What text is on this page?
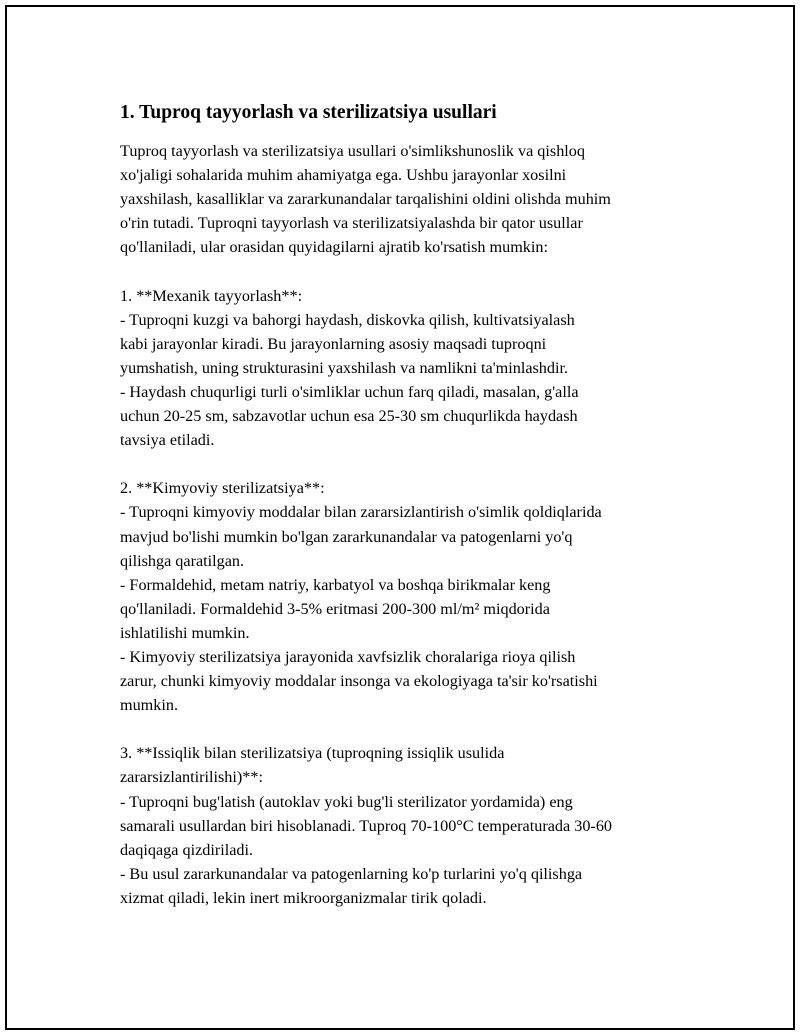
1. Tuproq tayyorlash va sterilizatsiya usullari

Tuproq tayyorlash va sterilizatsiya usullari o'simlikshunoslik va qishloq
xo'jaligi sohalarida muhim ahamiyatga ega. Ushbu jarayonlar xosilni
yaxshilash, kasalliklar va zararkunandalar tarqalishini oldini olishda muhim
o'rin tutadi. Tuproqni tayyorlash va sterilizatsiyalashda bir qator usullar
qo'llaniladi, ular orasidan quyidagilarni ajratib ko'rsatish mumkin:

1. **Mexanik tayyorlash**:

- Tuproqni kuzgi va bahorgi haydash, diskovka qilish, kultivatsiyalash
kabi jarayonlar kiradi. Bu jarayonlarning asosiy maqsadi tuproqni
yumshatish, uning strukturasini yaxshilash va namlikni ta'minlashdir.

- Haydash chuqurligi turli o'simliklar uchun farq qiladi, masalan, g'alla
uchun 20-25 sm, sabzavotlar uchun esa 25-30 sm chuqurlikda haydash
tavsiya etiladi.

2. **Kimyoviy sterilizatsiya**:

- Tuproqni kimyoviy moddalar bilan zararsizlantirish o'simlik qoldiqlarida
mavjud bo'lishi mumkin bo'lgan zararkunandalar va patogenlarni yo'q
qilishga qaratilgan.

- Formaldehid, metam natriy, karbatyol va boshqa birikmalar keng
qo'llaniladi. Formaldehid 3-5% eritmasi 200-300 ml/m² miqdorida
ishlatilishi mumkin.

- Kimyoviy sterilizatsiya jarayonida xavfsizlik choralariga rioya qilish
zarur, chunki kimyoviy moddalar insonga va ekologiyaga ta'sir ko'rsatishi
mumkin.

3. **Issiqlik bilan sterilizatsiya (tuproqning issiqlik usulida
zararsizlantirilishi)**:

- Tuproqni bug'latish (autoklav yoki bug'li sterilizator yordamida) eng
samarali usullardan biri hisoblanadi. Tuproq 70-100°C temperaturada 30-60
daqiqaga qizdiriladi.

- Bu usul zararkunandalar va patogenlarning ko'p turlarini yo'q qilishga
xizmat qiladi, lekin inert mikroorganizmalar tirik qoladi.
